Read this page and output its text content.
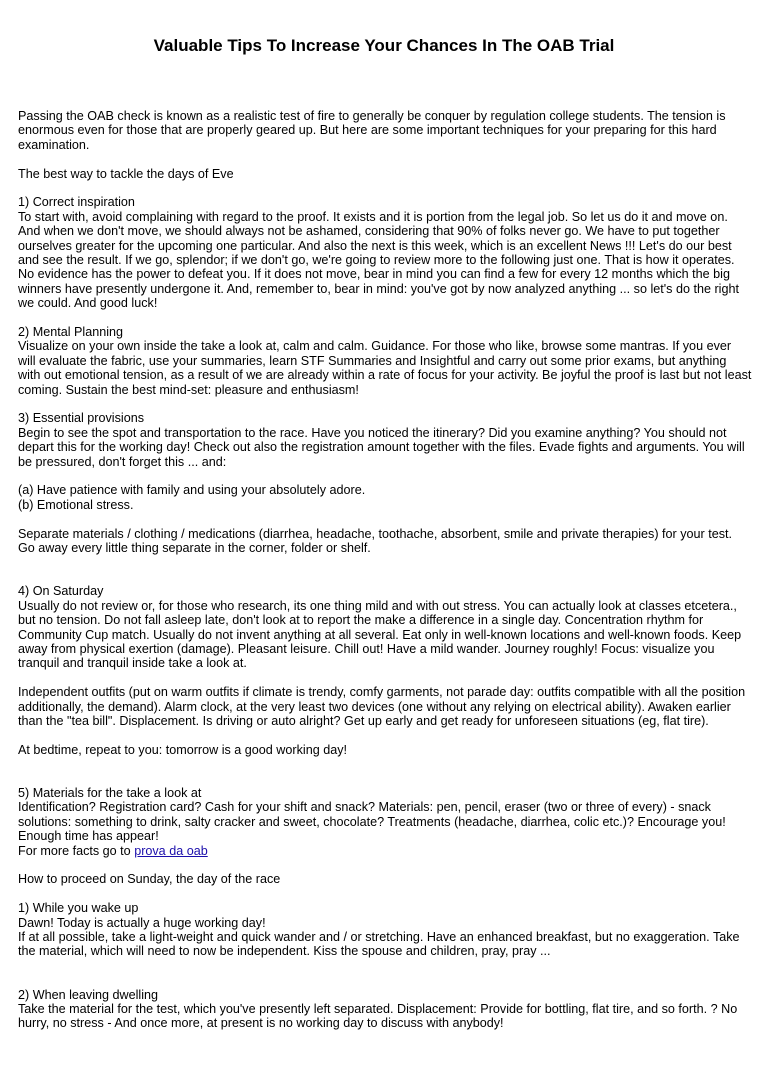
Valuable Tips To Increase Your Chances In The OAB Trial

Passing the OAB check is known as a realistic test of fire to generally be conquer by regulation college students. The tension is enormous even for those that are properly geared up. But here are some important techniques for your preparing for this hard examination.

The best way to tackle the days of Eve

1) Correct inspiration

To start with, avoid complaining with regard to the proof. It exists and it is portion from the legal job. So let us do it and move on. And when we don't move, we should always not be ashamed, considering that 90% of folks never go. We have to put together ourselves greater for the upcoming one particular. And also the next is this week, which is an excellent News !!! Let's do our best and see the result. If we go, splendor; if we don't go, we're going to review more to the following just one. That is how it operates.

No evidence has the power to defeat you. If it does not move, bear in mind you can find a few for every 12 months which the big winners have presently undergone it. And, remember to, bear in mind: you've got by now analyzed anything ... so let's do the right we could. And good luck!

2) Mental Planning

Visualize on your own inside the take a look at, calm and calm. Guidance. For those who like, browse some mantras. If you ever will evaluate the fabric, use your summaries, learn STF Summaries and Insightful and carry out some prior exams, but anything with out emotional tension, as a result of we are already within a rate of focus for your activity. Be joyful the proof is last but not least coming. Sustain the best mind-set: pleasure and enthusiasm!

3) Essential provisions

Begin to see the spot and transportation to the race. Have you noticed the itinerary? Did you examine anything? You should not depart this for the working day! Check out also the registration amount together with the files. Evade fights and arguments. You will be pressured, don't forget this ... and:

(a) Have patience with family and using your absolutely adore.

(b) Emotional stress.

Separate materials / clothing / medications (diarrhea, headache, toothache, absorbent, smile and private therapies) for your test. Go away every little thing separate in the corner, folder or shelf.

4) On Saturday

Usually do not review or, for those who research, its one thing mild and with out stress. You can actually look at classes etcetera., but no tension. Do not fall asleep late, don't look at to report the make a difference in a single day. Concentration rhythm for Community Cup match. Usually do not invent anything at all several. Eat only in well-known locations and well-known foods. Keep away from physical exertion (damage). Pleasant leisure. Chill out! Have a mild wander. Journey roughly! Focus: visualize you tranquil and tranquil inside take a look at.

Independent outfits (put on warm outfits if climate is trendy, comfy garments, not parade day: outfits compatible with all the position additionally, the demand). Alarm clock, at the very least two devices (one without any relying on electrical ability). Awaken earlier than the "tea bill". Displacement. Is driving or auto alright? Get up early and get ready for unforeseen situations (eg, flat tire).

At bedtime, repeat to you: tomorrow is a good working day!

5) Materials for the take a look at

Identification? Registration card? Cash for your shift and snack? Materials: pen, pencil, eraser (two or three of every) - snack solutions: something to drink, salty cracker and sweet, chocolate? Treatments (headache, diarrhea, colic etc.)? Encourage you! Enough time has appear!

For more facts go to prova da oab

How to proceed on Sunday, the day of the race

1) While you wake up

Dawn! Today is actually a huge working day!

If at all possible, take a light-weight and quick wander and / or stretching. Have an enhanced breakfast, but no exaggeration. Take the material, which will need to now be independent. Kiss the spouse and children, pray, pray ...

2) When leaving dwelling

Take the material for the test, which you've presently left separated. Displacement: Provide for bottling, flat tire, and so forth. ? No hurry, no stress - And once more, at present is no working day to discuss with anybody!
